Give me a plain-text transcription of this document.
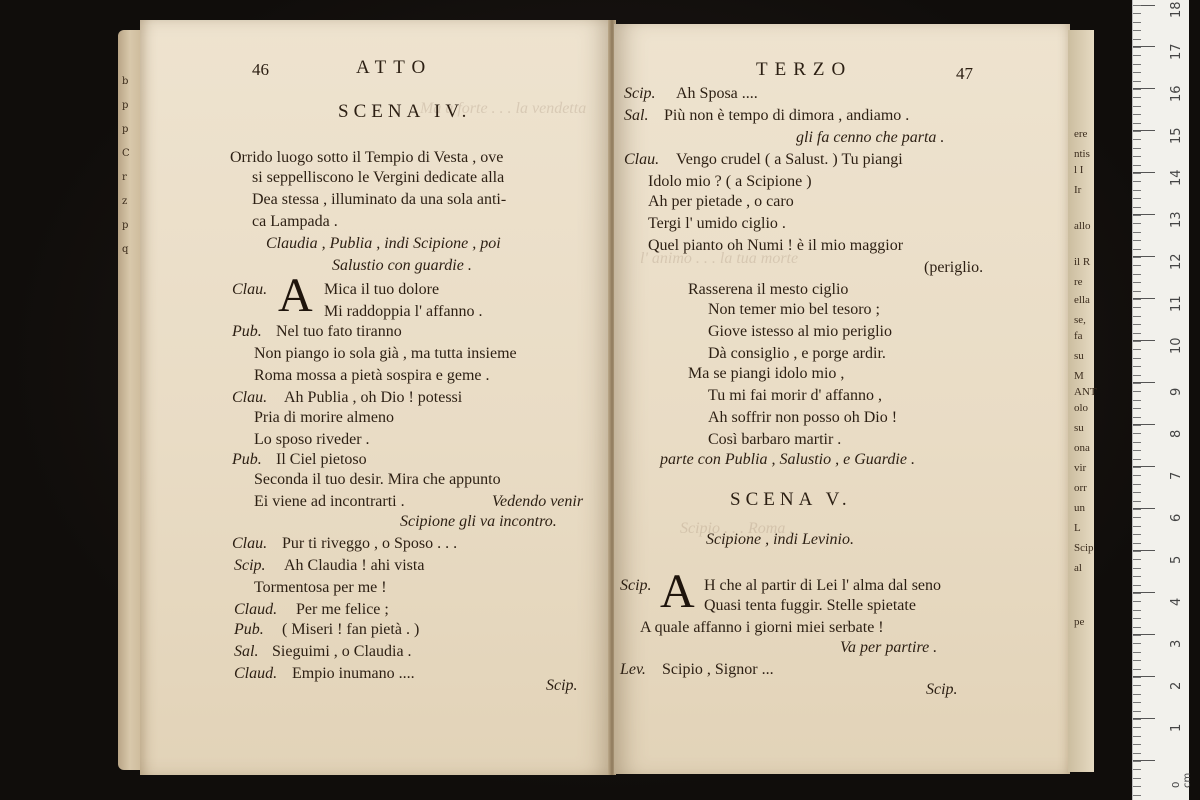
b
p
p
C
r
z
p
q
ere
ntis
l I
Ir
allo
il R
re
ella
se,
fa
su
M
ANT
olo
su
ona
vir
orr
un
L
Scip
al
pe
Ma a forte . . . la vendetta
l' animo . . . la tua morte
Scipio . . . Roma .
46	ATTO
SCENA IV.
Orrido luogo sotto il Tempio di Vesta , ove
si seppelliscono le Vergini dedicate alla
Dea stessa , illuminato da una sola anti-
ca Lampada .
Claudia , Publia , indi Scipione , poi
Salustio con guardie .
Clau. A Mica il tuo dolore
Mi raddoppia l' affanno .
Pub. Nel tuo fato tiranno
Non piango io sola già , ma tutta insieme
Roma mossa a pietà sospira e geme .
Clau. Ah Publia , oh Dio ! potessi
Pria di morire almeno
Lo sposo riveder .
Pub. Il Ciel pietoso
Seconda il tuo desir. Mira che appunto
Ei viene ad incontrarti .	Vedendo venir
Scipione gli va incontro.
Clau. Pur ti riveggo , o Sposo . . .
Scip. Ah Claudia ! ahi vista
Tormentosa per me !
Claud. Per me felice ;
Pub. ( Miseri ! fan pietà . )
Sal. Sieguimi , o Claudia .
Claud. Empio inumano ....
Scip.
TERZO	47
Scip. Ah Sposa ....
Sal. Più non è tempo di dimora , andiamo .
gli fa cenno che parta .
Clau. Vengo crudel ( a Salust. ) Tu piangi
Idolo mio ? ( a Scipione )
Ah per pietade , o caro
Tergi l' umido ciglio .
Quel pianto oh Numi ! è il mio maggior
(periglio.
Rasserena il mesto ciglio
Non temer mio bel tesoro ;
Giove istesso al mio periglio
Dà consiglio , e porge ardir.
Ma se piangi idolo mio ,
Tu mi fai morir d' affanno ,
Ah soffrir non posso oh Dio !
Così barbaro martir .
parte con Publia , Salustio , e Guardie .
SCENA V.
Scipione , indi Levinio.
Scip. A H che al partir di Lei l' alma dal seno
Quasi tenta fuggir. Stelle spietate
A quale affanno i giorni miei serbate !
Va per partire .
Lev. Scipio , Signor ...
Scip.
18
17
16
15
14
13
12
11
10
9
8
7
6
5
4
3
2
1
0 cm
